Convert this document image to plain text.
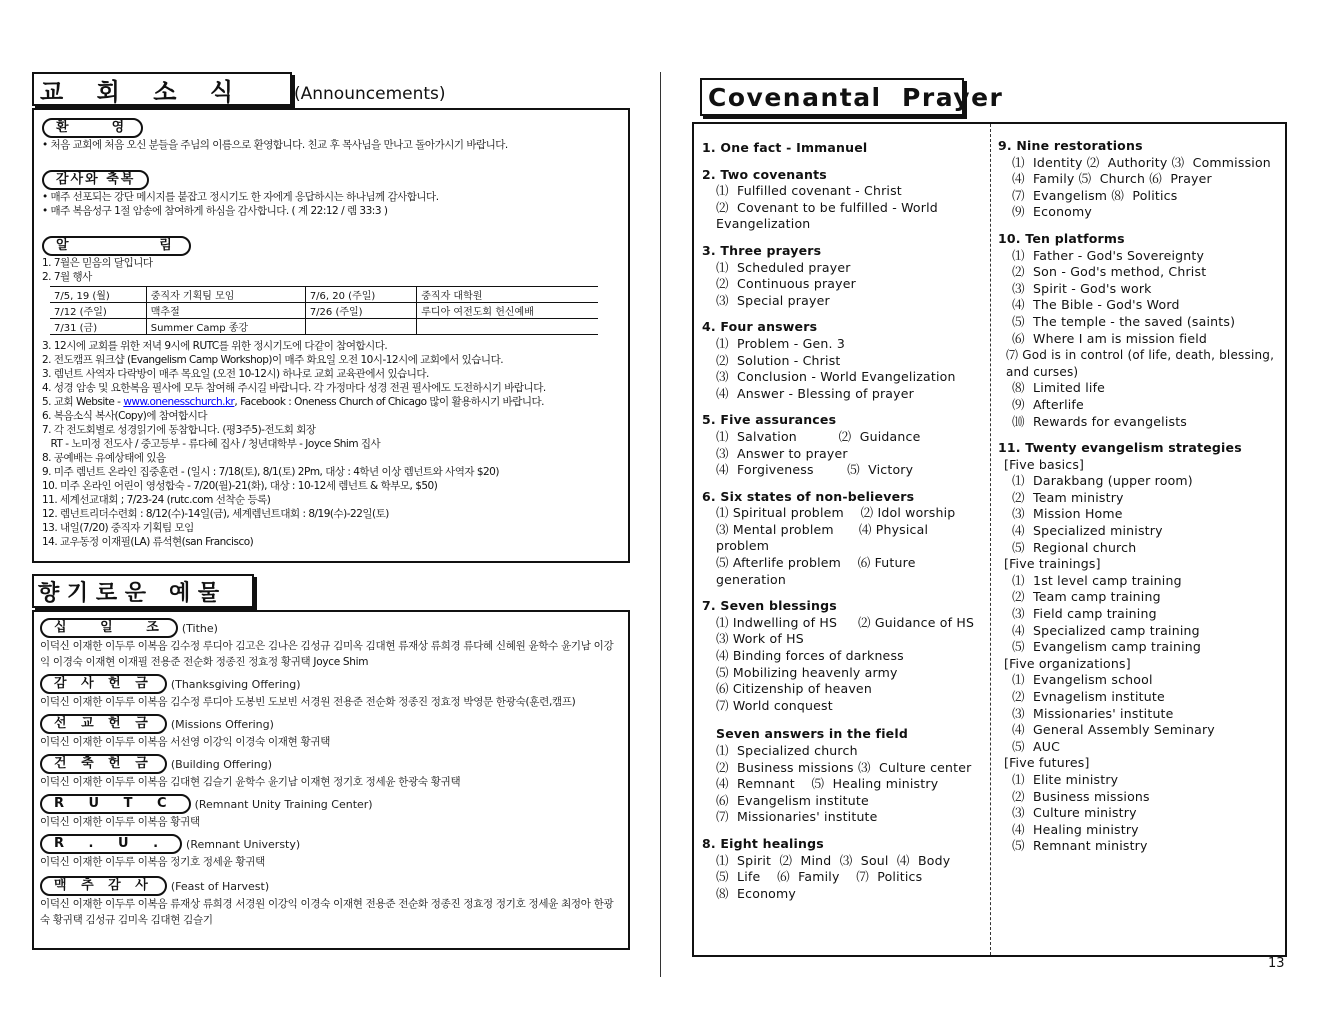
교    회    소    식	(Announcements)
환    영
• 처음 교회에 처음 오신 분들을 주님의 이름으로 환영합니다. 친교 후 목사님을 만나고 돌아가시기 바랍니다.
감사와 축복
• 매주 선포되는 강단 메시지를 붙잡고 정시기도 한 자에게 응답하시는 하나님께 감사합니다.
• 매주 복음성구 1절 암송에 참여하게 하심을 감사합니다. ( 계 22:12 / 렘 33:3 )
알         림
1. 7월은 믿음의 달입니다
2. 7월 행사
7/5, 19 (월)	중직자 기획팀 모임	7/6, 20 (주일)	중직자 대학원
7/12 (주일)	맥추절	7/26 (주일)	루디아 여전도회 헌신예배
7/31 (금)	Summer Camp 종강		
3. 12시에 교회를 위한 저녁 9시에 RUTC를 위한 정시기도에 다같이 참여합시다.
2. 전도캠프 워크샵 (Evangelism Camp Workshop)이 매주 화요일 오전 10시-12시에 교회에서 있습니다.
3. 렘넌트 사역자 다락방이 매주 목요일 (오전 10-12시) 하나로 교회 교육관에서 있습니다.
4. 성경 암송 및 요한복음 필사에 모두 참여해 주시길 바랍니다. 각 가정마다 성경 전권 필사에도 도전하시기 바랍니다.
5. 교회 Website - www.onenesschurch.kr, Facebook : Oneness Church of Chicago 많이 활용하시기 바랍니다.
6. 복음소식 복사(Copy)에 참여합시다
7. 각 전도회별로 성경읽기에 동참합니다. (평3주5)-전도회 회장
RT - 노미정 전도사 / 중고등부 - 류다혜 집사 / 청년대학부 - Joyce Shim 집사
8. 공예배는 유예상태에 있음
9. 미주 렘넌트 온라인 집중훈련 - (일시 : 7/18(토), 8/1(토) 2Pm, 대상 : 4학년 이상 렘넌트와 사역자 $20)
10. 미주 온라인 어린이 영성합숙 - 7/20(월)-21(화), 대상 : 10-12세 렘넌트 & 학부모, $50)
11. 세계선교대회 ; 7/23-24 (rutc.com 선착순 등록)
12. 렘넌트리더수련회 : 8/12(수)-14일(금), 세계렘넌트대회 : 8/19(수)-22일(토)
13. 내일(7/20) 중직자 기획팀 모임
14. 교우동정 이재필(LA) 류석현(san Francisco)
향 기 로 운   예 물
십   일   조	(Tithe)
이덕신 이재한 이두루 이복음 김수정 루디아 김고은 김나은 김성규 김미옥 김대현 류재상 류희경 류다혜 신혜원 윤학수 윤기남 이강익 이경숙 이재현 이재필 전용준 전순화 정종진 정효정 황귀택 Joyce Shim
감 사 헌 금	(Thanksgiving Offering)
이덕신 이재한 이두루 이복음 김수정 루디아 도봉빈 도보빈 서경원 전용준 전순화 정종진 정효정 박영문 한광숙(훈련,캠프)
선 교 헌 금	(Missions Offering)
이덕신 이재한 이두루 이복음 서선영 이강익 이경숙 이재현 황귀택
건 축 헌 금	(Building Offering)
이덕신 이재한 이두루 이복음 김대현 김슬기 윤학수 윤기남 이재현 정기호 정세윤 한광숙 황귀택
R U T C	(Remnant Unity Training Center)
이덕신 이재한 이두루 이복음 황귀택
R . U .	(Remnant Universty)
이덕신 이재한 이두루 이복음 정기호 정세윤 황귀택
맥 추 감 사	(Feast of Harvest)
이덕신 이재한 이두루 이복음 류재상 류희경 서경원 이강익 이경숙 이재현 전용준 전순화 정종진 정효정 정기호 정세윤 최정아 한광숙 황귀택 김성규 김미옥 김대현 김슬기
Covenantal  Prayer
1. One fact - Immanuel
2. Two covenants
⑴  Fulfilled covenant - Christ
⑵  Covenant to be fulfilled - World Evangelization
3. Three prayers
⑴  Scheduled prayer
⑵  Continuous prayer
⑶  Special prayer
4. Four answers
⑴  Problem - Gen. 3
⑵  Solution - Christ
⑶  Conclusion - World Evangelization
⑷  Answer - Blessing of prayer
5. Five assurances
⑴  Salvation          ⑵  Guidance
⑶  Answer to prayer
⑷  Forgiveness        ⑸  Victory
6. Six states of non-believers
⑴ Spiritual problem    ⑵ Idol worship
⑶ Mental problem      ⑷ Physical problem
⑸ Afterlife problem    ⑹ Future generation
7. Seven blessings
⑴ Indwelling of HS     ⑵ Guidance of HS
⑶ Work of HS
⑷ Binding forces of darkness
⑸ Mobilizing heavenly army
⑹ Citizenship of heaven
⑺ World conquest
Seven answers in the field
⑴  Specialized church
⑵  Business missions ⑶  Culture center
⑷  Remnant    ⑸  Healing ministry
⑹  Evangelism institute
⑺  Missionaries' institute
8. Eight healings
⑴  Spirit  ⑵  Mind  ⑶  Soul  ⑷  Body
⑸  Life    ⑹  Family    ⑺  Politics
⑻  Economy
9. Nine restorations
⑴  Identity ⑵  Authority ⑶  Commission
⑷  Family ⑸  Church ⑹  Prayer
⑺  Evangelism ⑻  Politics
⑼  Economy
10. Ten platforms
⑴  Father - God's Sovereignty
⑵  Son - God's method, Christ
⑶  Spirit - God's work
⑷  The Bible - God's Word
⑸  The temple - the saved (saints)
⑹  Where I am is mission field
⑺ God is in control (of life, death, blessing, and curses)
⑻  Limited life
⑼  Afterlife
⑽  Rewards for evangelists
11. Twenty evangelism strategies
[Five basics]
⑴  Darakbang (upper room)
⑵  Team ministry
⑶  Mission Home
⑷  Specialized ministry
⑸  Regional church
[Five trainings]
⑴  1st level camp training
⑵  Team camp training
⑶  Field camp training
⑷  Specialized camp training
⑸  Evangelism camp training
[Five organizations]
⑴  Evangelism school
⑵  Evnagelism institute
⑶  Missionaries' institute
⑷  General Assembly Seminary
⑸  AUC
[Five futures]
⑴  Elite ministry
⑵  Business missions
⑶  Culture ministry
⑷  Healing ministry
⑸  Remnant ministry
13
